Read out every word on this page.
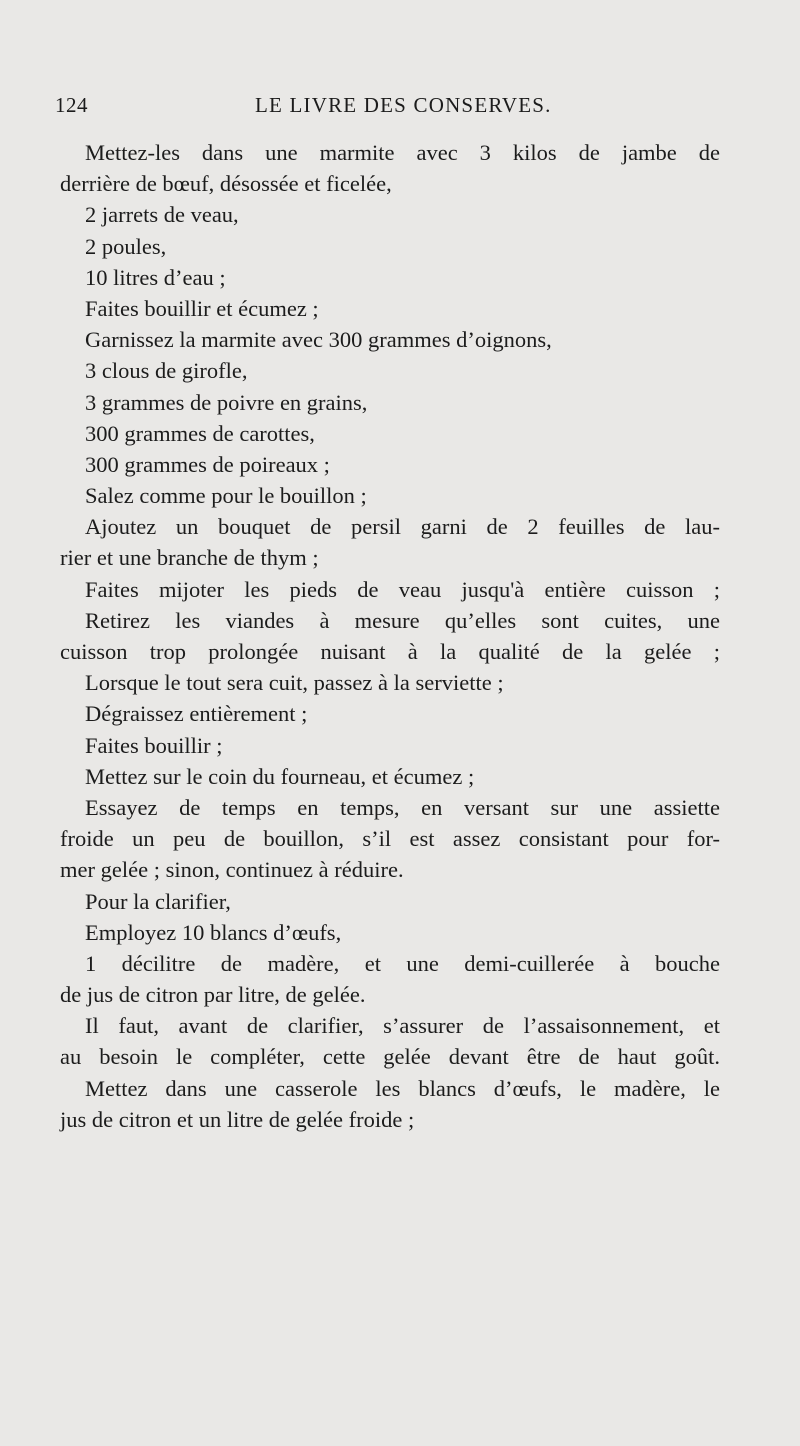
124	LE LIVRE DES CONSERVES.
Mettez-les dans une marmite avec 3 kilos de jambe de
derrière de bœuf, désossée et ficelée,
2 jarrets de veau,
2 poules,
10 litres d’eau ;
Faites bouillir et écumez ;
Garnissez la marmite avec 300 grammes d’oignons,
3 clous de girofle,
3 grammes de poivre en grains,
300 grammes de carottes,
300 grammes de poireaux ;
Salez comme pour le bouillon ;
Ajoutez un bouquet de persil garni de 2 feuilles de lau-
rier et une branche de thym ;
Faites mijoter les pieds de veau jusqu'à entière cuisson ;
Retirez les viandes à mesure qu’elles sont cuites, une
cuisson trop prolongée nuisant à la qualité de la gelée ;
Lorsque le tout sera cuit, passez à la serviette ;
Dégraissez entièrement ;
Faites bouillir ;
Mettez sur le coin du fourneau, et écumez ;
Essayez de temps en temps, en versant sur une assiette
froide un peu de bouillon, s’il est assez consistant pour for-
mer gelée ; sinon, continuez à réduire.
Pour la clarifier,
Employez 10 blancs d’œufs,
1 décilitre de madère, et une demi-cuillerée à bouche
de jus de citron par litre, de gelée.
Il faut, avant de clarifier, s’assurer de l’assaisonnement, et
au besoin le compléter, cette gelée devant être de haut goût.
Mettez dans une casserole les blancs d’œufs, le madère, le
jus de citron et un litre de gelée froide ;
